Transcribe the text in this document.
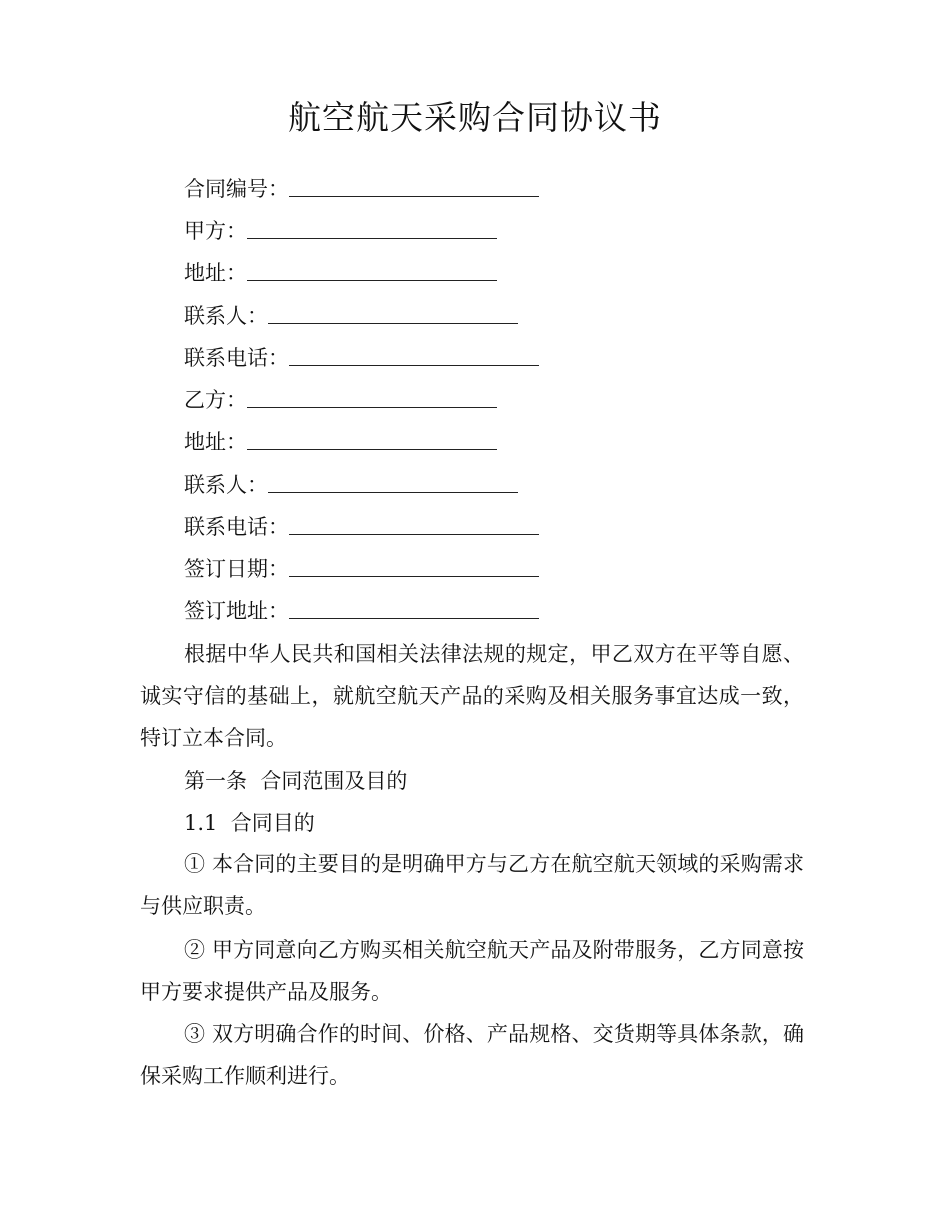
航空航天采购合同协议书
合同编号：
甲方：
地址：
联系人：
联系电话：
乙方：
地址：
联系人：
联系电话：
签订日期：
签订地址：

根据中华人民共和国相关法律法规的规定，甲乙双方在平等自愿、诚实守信的基础上，就航空航天产品的采购及相关服务事宜达成一致，特订立本合同。

第一条  合同范围及目的
1.1  合同目的

① 本合同的主要目的是明确甲方与乙方在航空航天领域的采购需求与供应职责。

② 甲方同意向乙方购买相关航空航天产品及附带服务，乙方同意按甲方要求提供产品及服务。

③ 双方明确合作的时间、价格、产品规格、交货期等具体条款，确保采购工作顺利进行。
